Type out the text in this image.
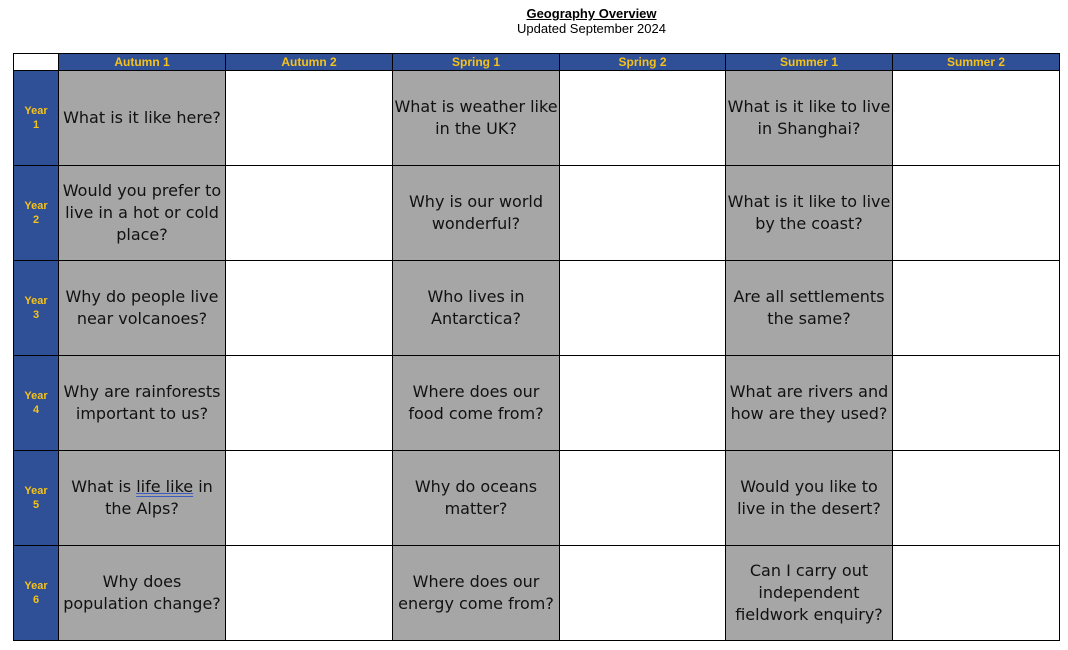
Geography Overview
Updated September 2024
	Autumn 1	Autumn 2	Spring 1	Spring 2	Summer 1	Summer 2

Year
1	What is it like here?		What is weather like in the UK?		What is it like to live in Shanghai?	

Year
2	Would you prefer to live in a hot or cold place?		Why is our world wonderful?		What is it like to live by the coast?	

Year
3	Why do people live near volcanoes?		Who lives in Antarctica?		Are all settlements the same?	

Year
4	Why are rainforests important to us?		Where does our food come from?		What are rivers and how are they used?	

Year
5	What is life like in the Alps?		Why do oceans matter?		Would you like to live in the desert?	

Year
6	Why does population change?		Where does our energy come from?		Can I carry out independent fieldwork enquiry?	
